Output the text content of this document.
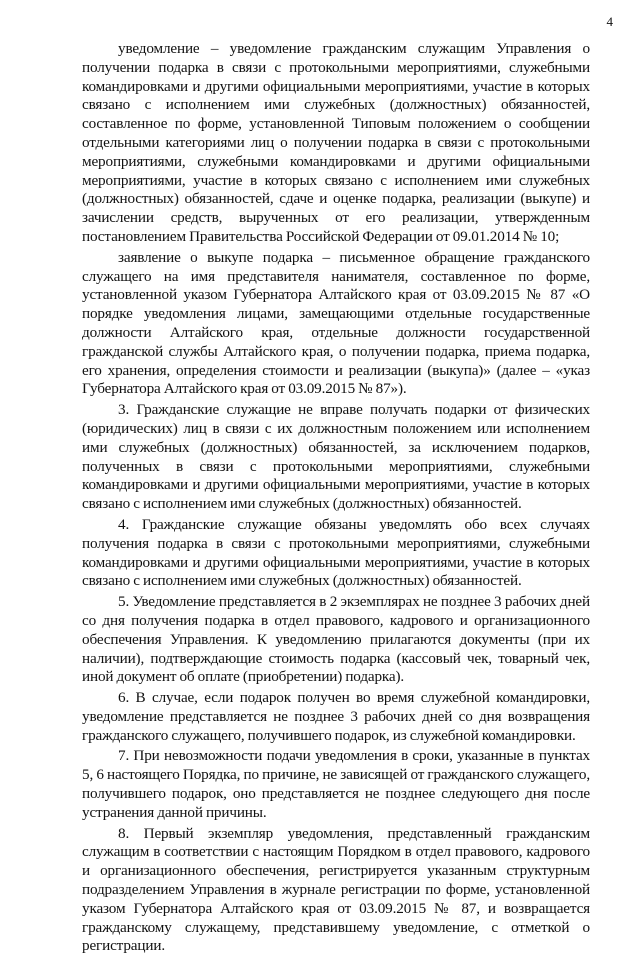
4

уведомление – уведомление гражданским служащим Управления о получении подарка в связи с протокольными мероприятиями, служебными командировками и другими официальными мероприятиями, участие в которых связано с исполнением ими служебных (должностных) обязанностей, составленное по форме, установленной Типовым положением о сообщении отдельными категориями лиц о получении подарка в связи с протокольными мероприятиями, служебными командировками и другими официальными мероприятиями, участие в которых связано с исполнением ими служебных (должностных) обязанностей, сдаче и оценке подарка, реализации (выкупе) и зачислении средств, вырученных от его реализации, утвержденным постановлением Правительства Российской Федерации от 09.01.2014 № 10;

заявление о выкупе подарка – письменное обращение гражданского служащего на имя представителя нанимателя, составленное по форме, установленной указом Губернатора Алтайского края от 03.09.2015 № 87 «О порядке уведомления лицами, замещающими отдельные государственные должности Алтайского края, отдельные должности государственной гражданской службы Алтайского края, о получении подарка, приема подарка, его хранения, определения стоимости и реализации (выкупа)» (далее – «указ Губернатора Алтайского края от 03.09.2015 № 87»).

3. Гражданские служащие не вправе получать подарки от физических (юридических) лиц в связи с их должностным положением или исполнением ими служебных (должностных) обязанностей, за исключением подарков, полученных в связи с протокольными мероприятиями, служебными командировками и другими официальными мероприятиями, участие в которых связано с исполнением ими служебных (должностных) обязанностей.

4. Гражданские служащие обязаны уведомлять обо всех случаях получения подарка в связи с протокольными мероприятиями, служебными командировками и другими официальными мероприятиями, участие в которых связано с исполнением ими служебных (должностных) обязанностей.

5. Уведомление представляется в 2 экземплярах не позднее 3 рабочих дней со дня получения подарка в отдел правового, кадрового и организационного обеспечения Управления. К уведомлению прилагаются документы (при их наличии), подтверждающие стоимость подарка (кассовый чек, товарный чек, иной документ об оплате (приобретении) подарка).

6. В случае, если подарок получен во время служебной командировки, уведомление представляется не позднее 3 рабочих дней со дня возвращения гражданского служащего, получившего подарок, из служебной командировки.

7. При невозможности подачи уведомления в сроки, указанные в пунктах 5, 6 настоящего Порядка, по причине, не зависящей от гражданского служащего, получившего подарок, оно представляется не позднее следующего дня после устранения данной причины.

8. Первый экземпляр уведомления, представленный гражданским служащим в соответствии с настоящим Порядком в отдел правового, кадрового и организационного обеспечения, регистрируется указанным структурным подразделением Управления в журнале регистрации по форме, установленной указом Губернатора Алтайского края от 03.09.2015 № 87, и возвращается гражданскому служащему, представившему уведомление, с отметкой о регистрации.
